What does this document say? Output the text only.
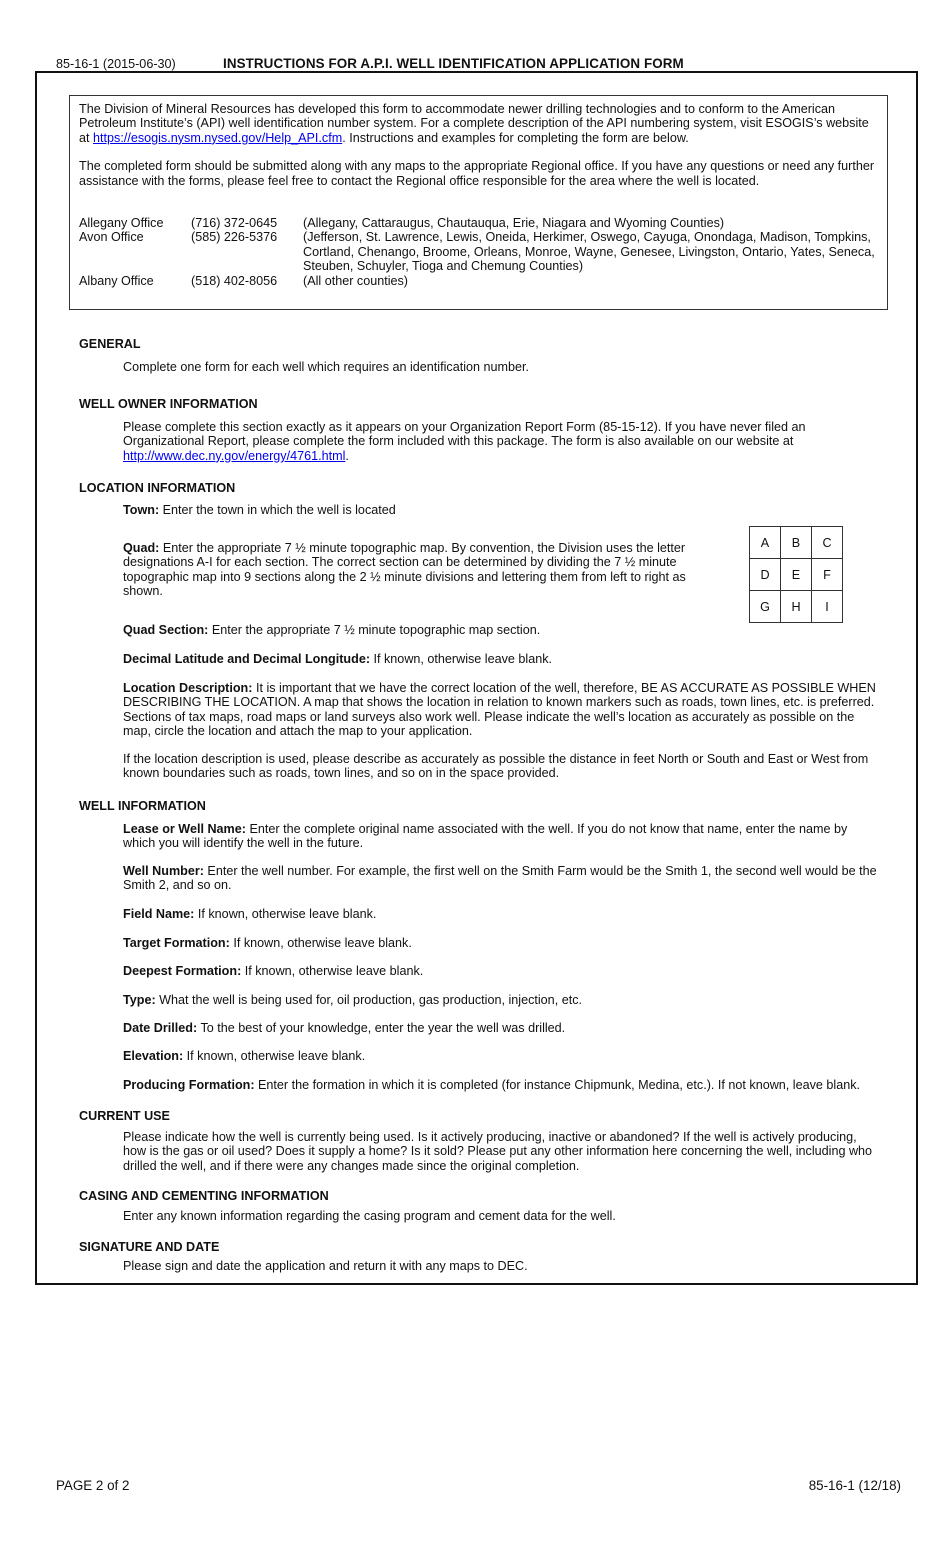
85-16-1 (2015-06-30)	INSTRUCTIONS FOR A.P.I. WELL IDENTIFICATION APPLICATION FORM

The Division of Mineral Resources has developed this form to accommodate newer drilling technologies and to conform to the American Petroleum Institute’s (API) well identification number system. For a complete description of the API numbering system, visit ESOGIS’s website at https://esogis.nysm.nysed.gov/Help_API.cfm. Instructions and examples for completing the form are below.

The completed form should be submitted along with any maps to the appropriate Regional office. If you have any questions or need any further assistance with the forms, please feel free to contact the Regional office responsible for the area where the well is located.

Allegany Office	(716) 372-0645	(Allegany, Cattaraugus, Chautauqua, Erie, Niagara and Wyoming Counties)
Avon Office	(585) 226-5376	(Jefferson, St. Lawrence, Lewis, Oneida, Herkimer, Oswego, Cayuga, Onondaga, Madison, Tompkins, Cortland, Chenango, Broome, Orleans, Monroe, Wayne, Genesee, Livingston, Ontario, Yates, Seneca, Steuben, Schuyler, Tioga and Chemung Counties)
Albany Office	(518) 402-8056	(All other counties)
GENERAL
Complete one form for each well which requires an identification number.
WELL OWNER INFORMATION
Please complete this section exactly as it appears on your Organization Report Form (85-15-12). If you have never filed an Organizational Report, please complete the form included with this package. The form is also available on our website at http://www.dec.ny.gov/energy/4761.html.
LOCATION INFORMATION
Town: Enter the town in which the well is located
Quad: Enter the appropriate 7 ½ minute topographic map. By convention, the Division uses the letter designations A-I for each section. The correct section can be determined by dividing the 7 ½ minute topographic map into 9 sections along the 2 ½ minute divisions and lettering them from left to right as shown.
A	B	C
D	E	F
G	H	I
Quad Section: Enter the appropriate 7 ½ minute topographic map section.
Decimal Latitude and Decimal Longitude: If known, otherwise leave blank.
Location Description: It is important that we have the correct location of the well, therefore, BE AS ACCURATE AS POSSIBLE WHEN DESCRIBING THE LOCATION. A map that shows the location in relation to known markers such as roads, town lines, etc. is preferred. Sections of tax maps, road maps or land surveys also work well. Please indicate the well’s location as accurately as possible on the map, circle the location and attach the map to your application.
If the location description is used, please describe as accurately as possible the distance in feet North or South and East or West from known boundaries such as roads, town lines, and so on in the space provided.
WELL INFORMATION
Lease or Well Name: Enter the complete original name associated with the well. If you do not know that name, enter the name by which you will identify the well in the future.
Well Number: Enter the well number. For example, the first well on the Smith Farm would be the Smith 1, the second well would be the Smith 2, and so on.
Field Name: If known, otherwise leave blank.
Target Formation: If known, otherwise leave blank.
Deepest Formation: If known, otherwise leave blank.
Type: What the well is being used for, oil production, gas production, injection, etc.
Date Drilled: To the best of your knowledge, enter the year the well was drilled.
Elevation: If known, otherwise leave blank.
Producing Formation: Enter the formation in which it is completed (for instance Chipmunk, Medina, etc.). If not known, leave blank.
CURRENT USE
Please indicate how the well is currently being used. Is it actively producing, inactive or abandoned? If the well is actively producing, how is the gas or oil used? Does it supply a home? Is it sold? Please put any other information here concerning the well, including who drilled the well, and if there were any changes made since the original completion.
CASING AND CEMENTING INFORMATION
Enter any known information regarding the casing program and cement data for the well.
SIGNATURE AND DATE
Please sign and date the application and return it with any maps to DEC.
PAGE 2 of 2	85-16-1 (12/18)
